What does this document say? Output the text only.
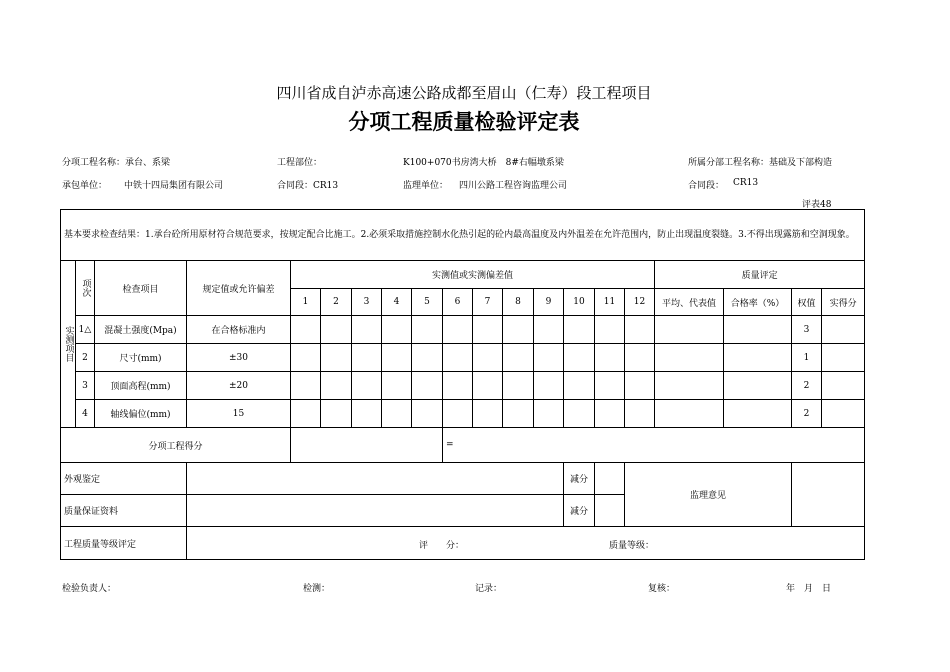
四川省成自泸赤高速公路成都至眉山（仁寿）段工程项目
分项工程质量检验评定表
分项工程名称：承台、系梁	工程部位：	K100+070书房湾大桥　8#右幅墩系梁	所属分部工程名称：基础及下部构造
承包单位： 中铁十四局集团有限公司	合同段：CR13	监理单位： 四川公路工程咨询监理公司	合同段： CR13
评表48
基本要求检查结果：1.承台砼所用原材符合规范要求，按规定配合比施工。2.必须采取措施控制水化热引起的砼内最高温度及内外温差在允许范围内，防止出现温度裂缝。3.不得出现露筋和空洞现象。																			
实测项目	项次	检查项目	规定值或允许偏差	实测值或实测偏差值												质量评定			
				1	2	3	4	5	6	7	8	9	10	11	12	平均、代表值	合格率（%）	权值	实得分
	1△	混凝土强度(Mpa)	在合格标准内															3	
	2	尺寸(mm)	±30															1	
	3	顶面高程(mm)	±20															2	
	4	轴线偏位(mm)	15															2	
分项工程得分									=										
外观鉴定													减分		监理意见				
质量保证资料													减分						
工程质量等级评定			评　　分： 质量等级：																
检验负责人：	检测：	记录：	复核：	年　月　日
